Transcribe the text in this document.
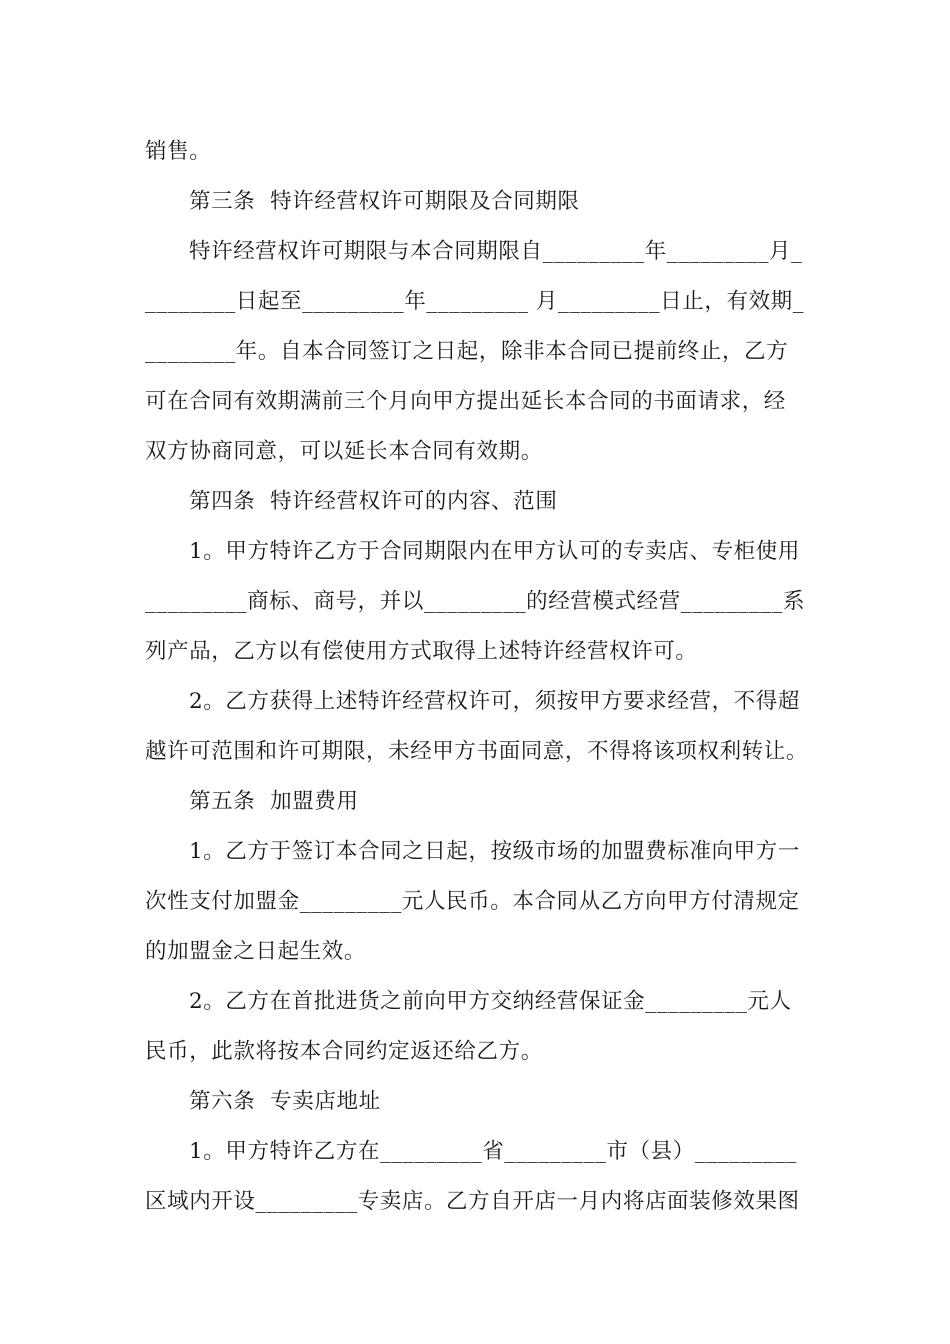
销售。
第三条  特许经营权许可期限及合同期限
特许经营权许可期限与本合同期限自_________年_________月_
________日起至_________年_________ 月_________日止，有效期_
________年。自本合同签订之日起，除非本合同已提前终止，乙方
可在合同有效期满前三个月向甲方提出延长本合同的书面请求，经
双方协商同意，可以延长本合同有效期。
第四条  特许经营权许可的内容、范围
1。甲方特许乙方于合同期限内在甲方认可的专卖店、专柜使用
_________商标、商号，并以_________的经营模式经营_________系
列产品，乙方以有偿使用方式取得上述特许经营权许可。
2。乙方获得上述特许经营权许可，须按甲方要求经营，不得超
越许可范围和许可期限，未经甲方书面同意，不得将该项权利转让。
第五条  加盟费用
1。乙方于签订本合同之日起，按级市场的加盟费标准向甲方一
次性支付加盟金_________元人民币。本合同从乙方向甲方付清规定
的加盟金之日起生效。
2。乙方在首批进货之前向甲方交纳经营保证金_________元人
民币，此款将按本合同约定返还给乙方。
第六条  专卖店地址
1。甲方特许乙方在_________省_________市（县）_________
区域内开设_________专卖店。乙方自开店一月内将店面装修效果图
